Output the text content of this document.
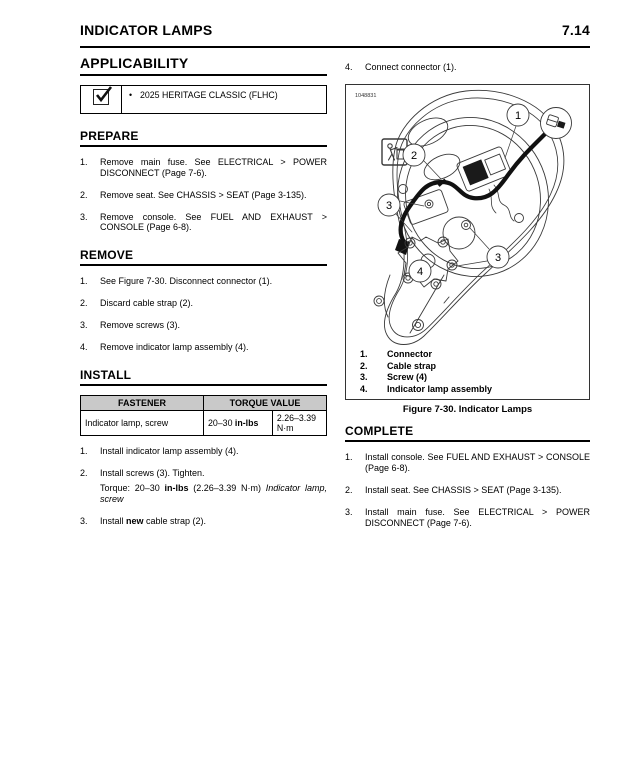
INDICATOR LAMPS	7.14
APPLICABILITY
	• 2025 HERITAGE CLASSIC (FLHC)
PREPARE
1.	Remove main fuse. See ELECTRICAL > POWER DISCONNECT (Page 7-6).
2.	Remove seat. See CHASSIS > SEAT (Page 3-135).
3.	Remove console. See FUEL AND EXHAUST > CONSOLE (Page 6-8).
REMOVE
1.	See Figure 7-30. Disconnect connector (1).
2.	Discard cable strap (2).
3.	Remove screws (3).
4.	Remove indicator lamp assembly (4).
INSTALL
FASTENER	TORQUE VALUE	
Indicator lamp, screw	20–30 in-lbs	2.26–3.39 N·m
1.	Install indicator lamp assembly (4).
2.	Install screws (3). Tighten.
Torque: 20–30 in-lbs (2.26–3.39 N·m) Indicator lamp, screw
3.	Install new cable strap (2).
4.	Connect connector (1).
1048831
1
2
3
3
4
1.	Connector
2.	Cable strap
3.	Screw (4)
4.	Indicator lamp assembly
Figure 7-30. Indicator Lamps
COMPLETE
1.	Install console. See FUEL AND EXHAUST > CONSOLE (Page 6-8).
2.	Install seat. See CHASSIS > SEAT (Page 3-135).
3.	Install main fuse. See ELECTRICAL > POWER DISCONNECT (Page 7-6).
